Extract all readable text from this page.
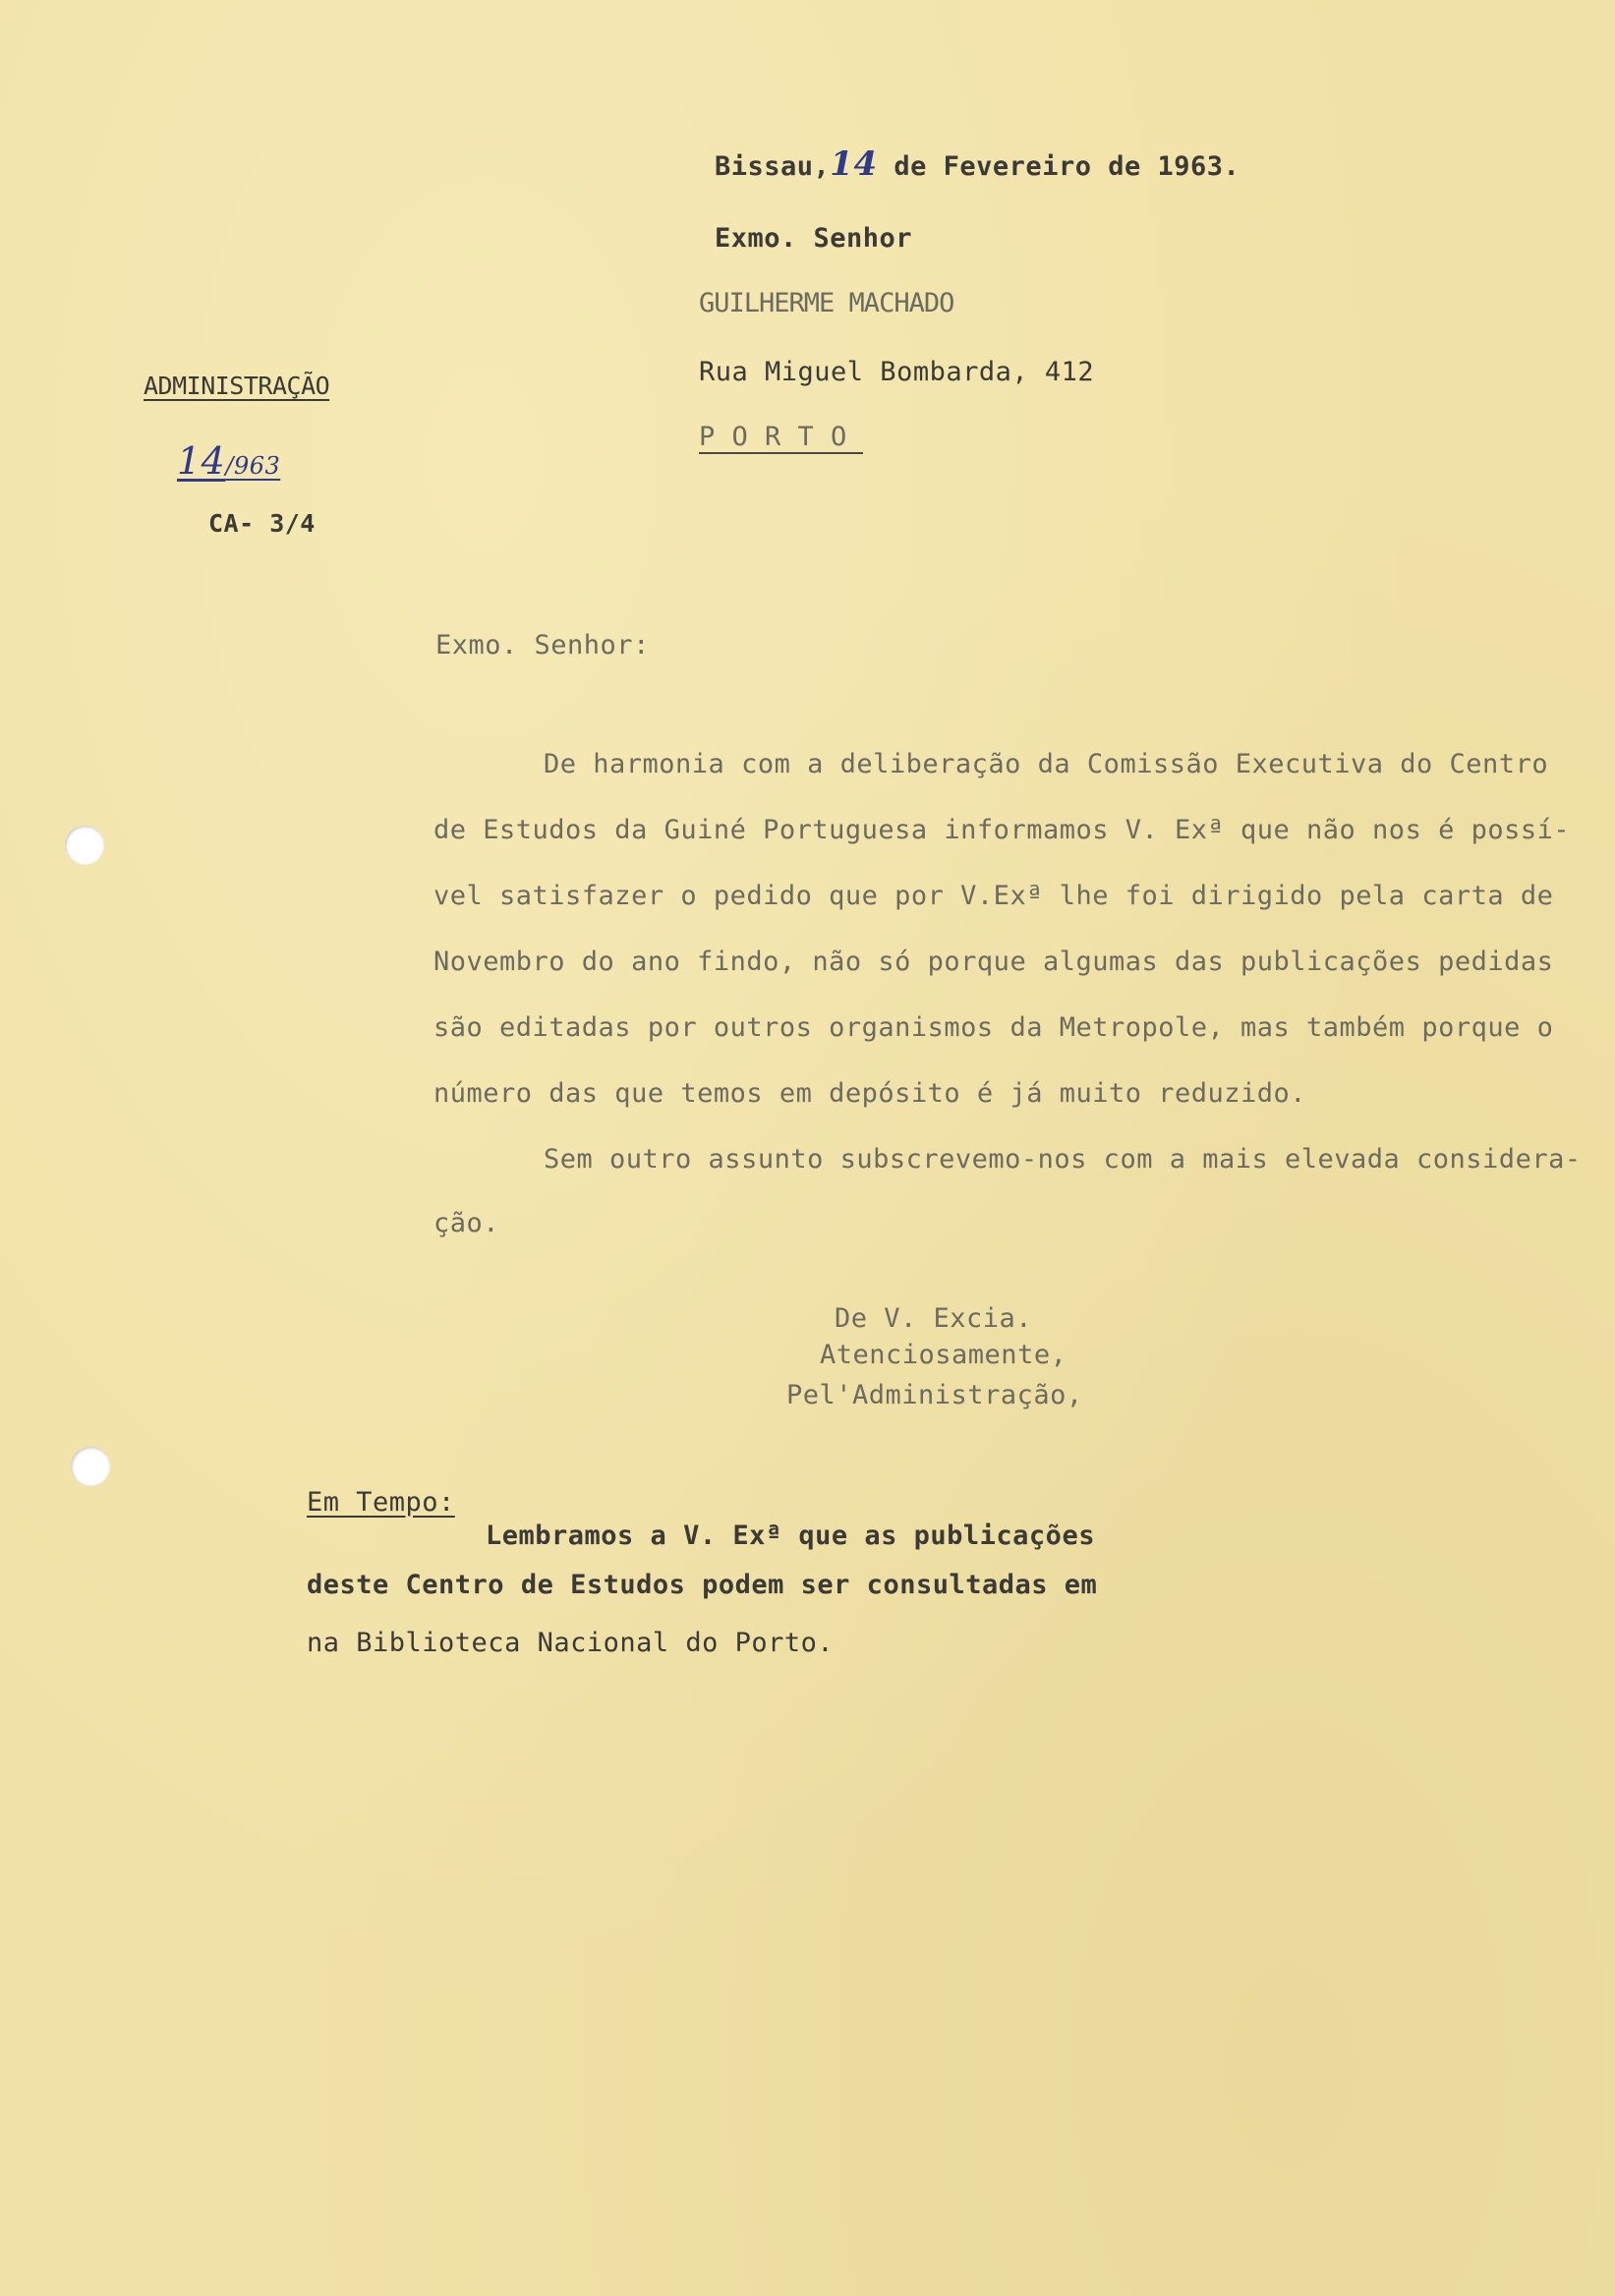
Bissau,14 de Fevereiro de 1963.
Exmo. Senhor
GUILHERME MACHADO
Rua Miguel Bombarda, 412
P O R T O
ADMINISTRAÇÃO
14/963
CA- 3/4
Exmo. Senhor:
De harmonia com a deliberação da Comissão Executiva do Centro
de Estudos da Guiné Portuguesa informamos V. Exª que não nos é possí-
vel satisfazer o pedido que por V.Exª lhe foi dirigido pela carta de
Novembro do ano findo, não só porque algumas das publicações pedidas
são editadas por outros organismos da Metropole, mas também porque o
número das que temos em depósito é já muito reduzido.
Sem outro assunto subscrevemo-nos com a mais elevada considera-
ção.
De V. Excia.
Atenciosamente,
Pel'Administração,
Em Tempo:
Lembramos a V. Exª que as publicações
deste Centro de Estudos podem ser consultadas em
na Biblioteca Nacional do Porto.
